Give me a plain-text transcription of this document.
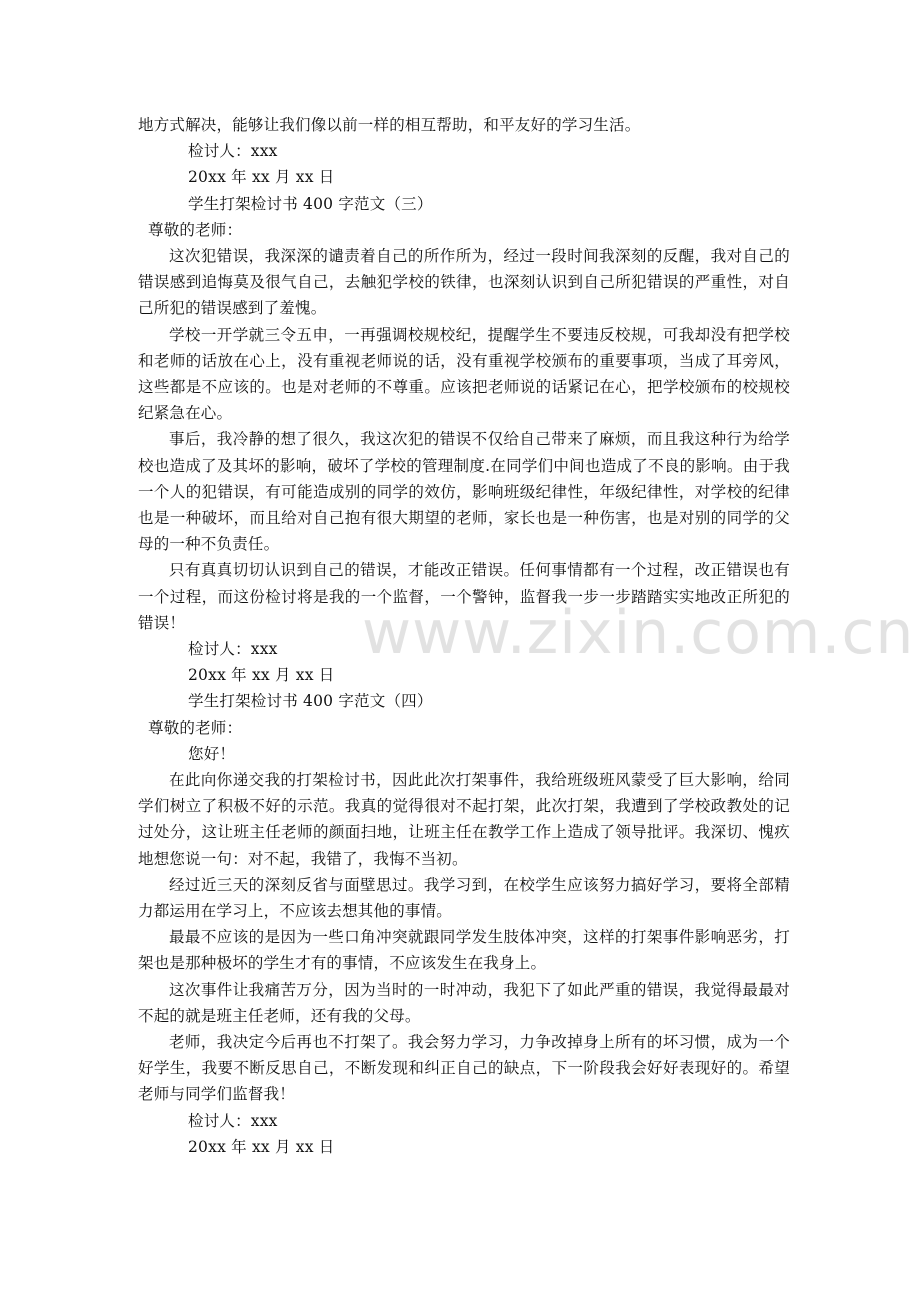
www.zixin.com.cn
地方式解决，能够让我们像以前一样的相互帮助，和平友好的学习生活。
检讨人：xxx
20xx 年 xx 月 xx 日
学生打架检讨书 400 字范文（三）
尊敬的老师：
这次犯错误，我深深的谴责着自己的所作所为，经过一段时间我深刻的反醒，我对自己的错误感到追悔莫及很气自己，去触犯学校的铁律，也深刻认识到自己所犯错误的严重性，对自己所犯的错误感到了羞愧。
学校一开学就三令五申，一再强调校规校纪，提醒学生不要违反校规，可我却没有把学校和老师的话放在心上，没有重视老师说的话，没有重视学校颁布的重要事项，当成了耳旁风，这些都是不应该的。也是对老师的不尊重。应该把老师说的话紧记在心，把学校颁布的校规校纪紧急在心。
事后，我冷静的想了很久，我这次犯的错误不仅给自己带来了麻烦，而且我这种行为给学校也造成了及其坏的影响，破坏了学校的管理制度.在同学们中间也造成了不良的影响。由于我一个人的犯错误，有可能造成别的同学的效仿，影响班级纪律性，年级纪律性，对学校的纪律也是一种破坏，而且给对自己抱有很大期望的老师，家长也是一种伤害，也是对别的同学的父母的一种不负责任。
只有真真切切认识到自己的错误，才能改正错误。任何事情都有一个过程，改正错误也有一个过程，而这份检讨将是我的一个监督，一个警钟，监督我一步一步踏踏实实地改正所犯的错误！
检讨人：xxx
20xx 年 xx 月 xx 日
学生打架检讨书 400 字范文（四）
尊敬的老师：
您好！
在此向你递交我的打架检讨书，因此此次打架事件，我给班级班风蒙受了巨大影响，给同学们树立了积极不好的示范。我真的觉得很对不起打架，此次打架，我遭到了学校政教处的记过处分，这让班主任老师的颜面扫地，让班主任在教学工作上造成了领导批评。我深切、愧疚地想您说一句：对不起，我错了，我悔不当初。
经过近三天的深刻反省与面壁思过。我学习到，在校学生应该努力搞好学习，要将全部精力都运用在学习上，不应该去想其他的事情。
最最不应该的是因为一些口角冲突就跟同学发生肢体冲突，这样的打架事件影响恶劣，打架也是那种极坏的学生才有的事情，不应该发生在我身上。
这次事件让我痛苦万分，因为当时的一时冲动，我犯下了如此严重的错误，我觉得最最对不起的就是班主任老师，还有我的父母。
老师，我决定今后再也不打架了。我会努力学习，力争改掉身上所有的坏习惯，成为一个好学生，我要不断反思自己，不断发现和纠正自己的缺点，下一阶段我会好好表现好的。希望老师与同学们监督我！
检讨人：xxx
20xx 年 xx 月 xx 日
